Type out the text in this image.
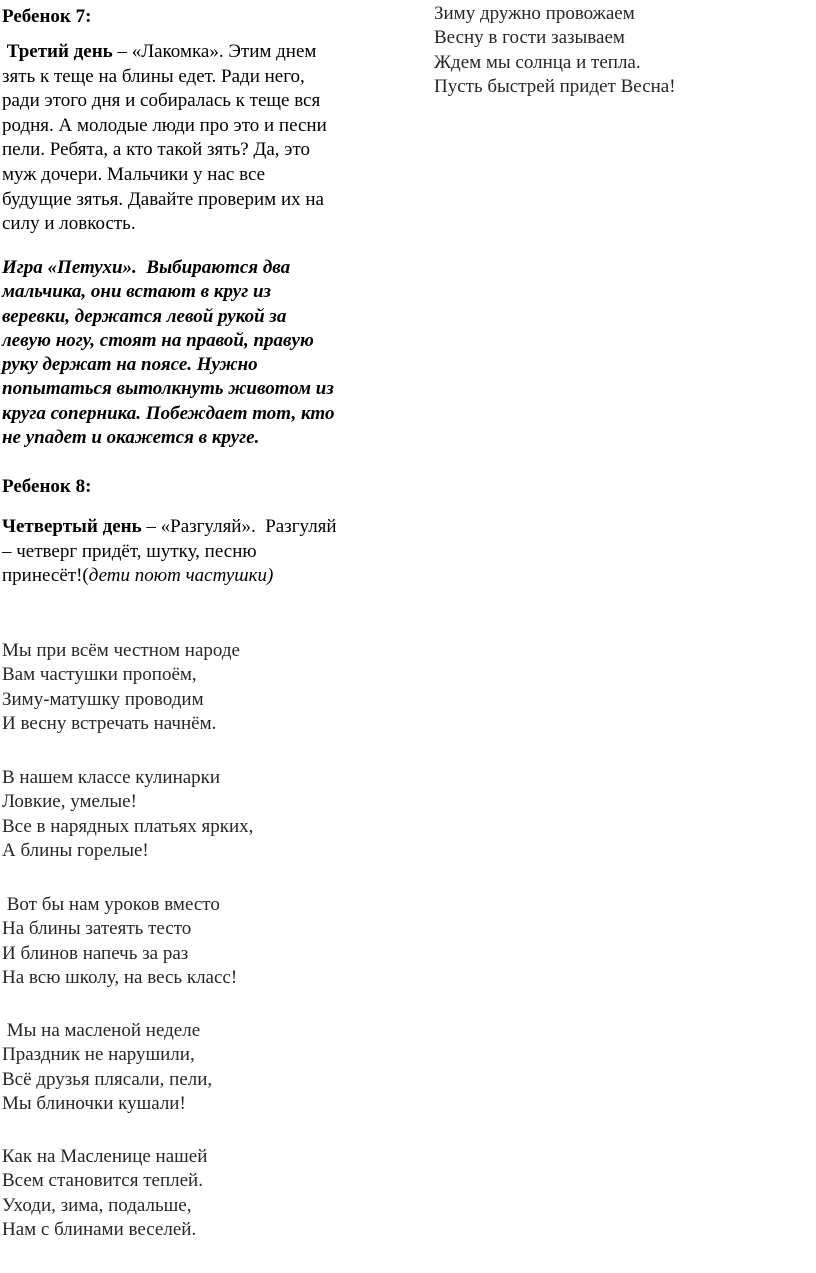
Ребенок 7:

Третий день – «Лакомка». Этим днем
зять к теще на блины едет. Ради него,
ради этого дня и собиралась к теще вся
родня. А молодые люди про это и песни
пели. Ребята, а кто такой зять? Да, это
муж дочери. Мальчики у нас все
будущие зятья. Давайте проверим их на
силу и ловкость.
Игра «Петухи».  Выбираются два
мальчика, они встают в круг из
веревки, держатся левой рукой за
левую ногу, стоят на правой, правую
руку держат на поясе. Нужно
попытаться вытолкнуть животом из
круга соперника. Побеждает тот, кто
не упадет и окажется в круге.

Ребенок 8:

Четвертый день – «Разгуляй».  Разгуляй
– четверг придёт, шутку, песню
принесёт!(дети поют частушки)
Мы при всём честном народе
Вам частушки пропоём,
Зиму-матушку проводим
И весну встречать начнём.
В нашем классе кулинарки
Ловкие, умелые!
Все в нарядных платьях ярких,
А блины горелые!
Вот бы нам уроков вместо
На блины затеять тесто
И блинов напечь за раз
На всю школу, на весь класс!
Мы на масленой неделе
Праздник не нарушили,
Всё друзья плясали, пели,
Мы блиночки кушали!
Как на Масленице нашей
Всем становится теплей.
Уходи, зима, подальше,
Нам с блинами веселей.
Зиму дружно провожаем
Весну в гости зазываем
Ждем мы солнца и тепла.
Пусть быстрей придет Весна!
